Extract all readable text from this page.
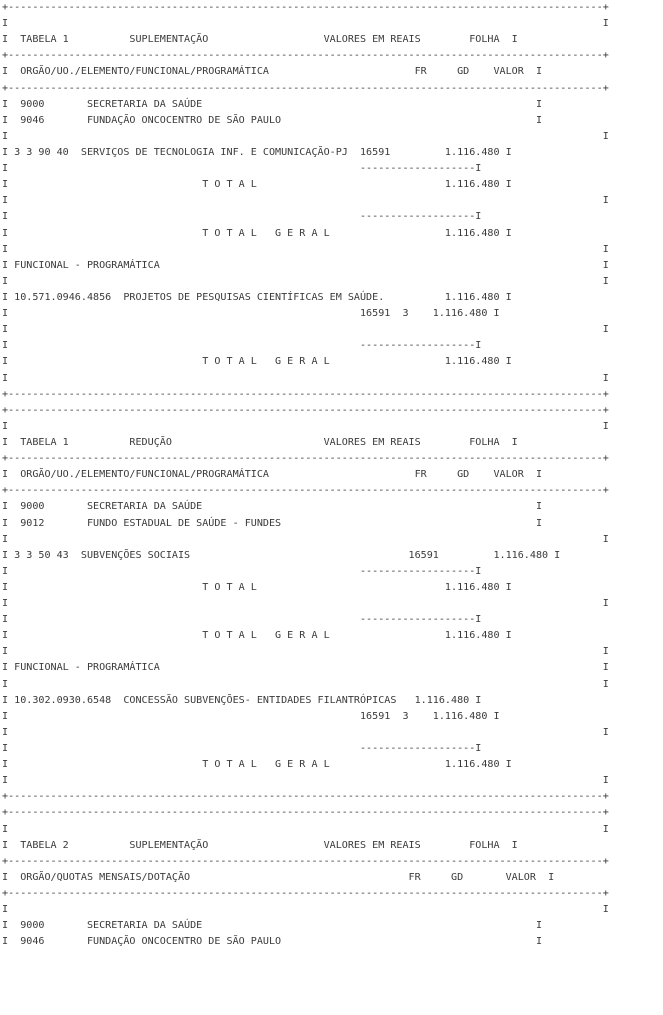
+--------------------------------------------------------------------------------------------------+
I                                                                                                  I
I  TABELA 1          SUPLEMENTAÇÃO                   VALORES EM REAIS        FOLHA  I
+--------------------------------------------------------------------------------------------------+
I  ORGÃO/UO./ELEMENTO/FUNCIONAL/PROGRAMÁTICA                        FR     GD    VALOR  I
+--------------------------------------------------------------------------------------------------+
I  9000       SECRETARIA DA SAÚDE                                                       I
I  9046       FUNDAÇÃO ONCOCENTRO DE SÃO PAULO                                          I
I                                                                                                  I
I 3 3 90 40  SERVIÇOS DE TECNOLOGIA INF. E COMUNICAÇÃO-PJ  16591         1.116.480 I
I                                                          -------------------I
I                                T O T A L                               1.116.480 I
I                                                                                                  I
I                                                          -------------------I
I                                T O T A L   G E R A L                   1.116.480 I
I                                                                                                  I
I FUNCIONAL - PROGRAMÁTICA                                                                         I
I                                                                                                  I
I 10.571.0946.4856  PROJETOS DE PESQUISAS CIENTÍFICAS EM SAÚDE.          1.116.480 I
I                                                          16591  3    1.116.480 I
I                                                                                                  I
I                                                          -------------------I
I                                T O T A L   G E R A L                   1.116.480 I
I                                                                                                  I
+--------------------------------------------------------------------------------------------------+
+--------------------------------------------------------------------------------------------------+
I                                                                                                  I
I  TABELA 1          REDUÇÃO                         VALORES EM REAIS        FOLHA  I
+--------------------------------------------------------------------------------------------------+
I  ORGÃO/UO./ELEMENTO/FUNCIONAL/PROGRAMÁTICA                        FR     GD    VALOR  I
+--------------------------------------------------------------------------------------------------+
I  9000       SECRETARIA DA SAÚDE                                                       I
I  9012       FUNDO ESTADUAL DE SAÚDE - FUNDES                                          I
I                                                                                                  I
I 3 3 50 43  SUBVENÇÕES SOCIAIS                                    16591         1.116.480 I
I                                                          -------------------I
I                                T O T A L                               1.116.480 I
I                                                                                                  I
I                                                          -------------------I
I                                T O T A L   G E R A L                   1.116.480 I
I                                                                                                  I
I FUNCIONAL - PROGRAMÁTICA                                                                         I
I                                                                                                  I
I 10.302.0930.6548  CONCESSÃO SUBVENÇÕES- ENTIDADES FILANTRÓPICAS   1.116.480 I
I                                                          16591  3    1.116.480 I
I                                                                                                  I
I                                                          -------------------I
I                                T O T A L   G E R A L                   1.116.480 I
I                                                                                                  I
+--------------------------------------------------------------------------------------------------+
+--------------------------------------------------------------------------------------------------+
I                                                                                                  I
I  TABELA 2          SUPLEMENTAÇÃO                   VALORES EM REAIS        FOLHA  I
+--------------------------------------------------------------------------------------------------+
I  ORGÃO/QUOTAS MENSAIS/DOTAÇÃO                                    FR     GD       VALOR  I
+--------------------------------------------------------------------------------------------------+
I                                                                                                  I
I  9000       SECRETARIA DA SAÚDE                                                       I
I  9046       FUNDAÇÃO ONCOCENTRO DE SÃO PAULO                                          I
